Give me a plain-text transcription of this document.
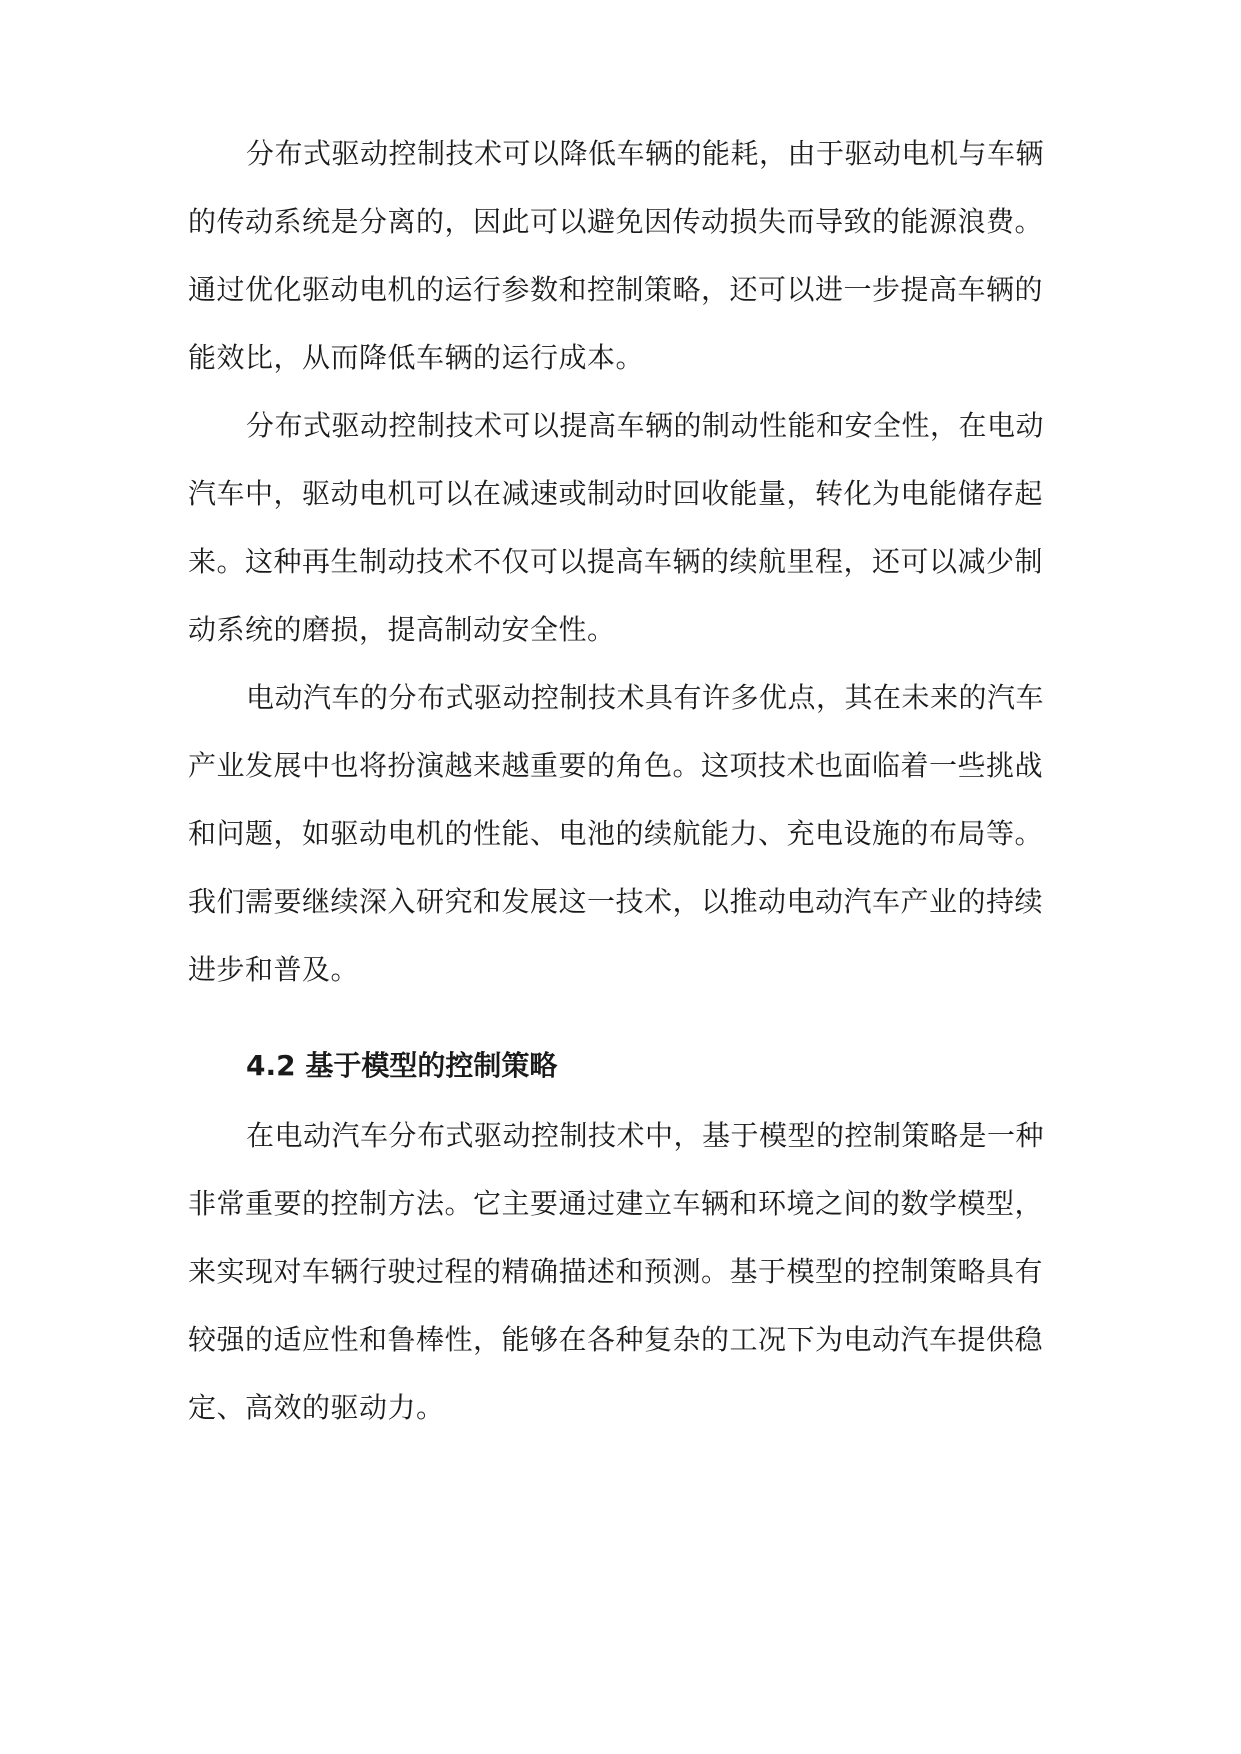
分布式驱动控制技术可以降低车辆的能耗，由于驱动电机与车辆
的传动系统是分离的，因此可以避免因传动损失而导致的能源浪费。
通过优化驱动电机的运行参数和控制策略，还可以进一步提高车辆的
能效比，从而降低车辆的运行成本。
分布式驱动控制技术可以提高车辆的制动性能和安全性，在电动
汽车中，驱动电机可以在减速或制动时回收能量，转化为电能储存起
来。这种再生制动技术不仅可以提高车辆的续航里程，还可以减少制
动系统的磨损，提高制动安全性。
电动汽车的分布式驱动控制技术具有许多优点，其在未来的汽车
产业发展中也将扮演越来越重要的角色。这项技术也面临着一些挑战
和问题，如驱动电机的性能、电池的续航能力、充电设施的布局等。
我们需要继续深入研究和发展这一技术，以推动电动汽车产业的持续
进步和普及。
4.2 基于模型的控制策略
在电动汽车分布式驱动控制技术中，基于模型的控制策略是一种
非常重要的控制方法。它主要通过建立车辆和环境之间的数学模型，
来实现对车辆行驶过程的精确描述和预测。基于模型的控制策略具有
较强的适应性和鲁棒性，能够在各种复杂的工况下为电动汽车提供稳
定、高效的驱动力。
